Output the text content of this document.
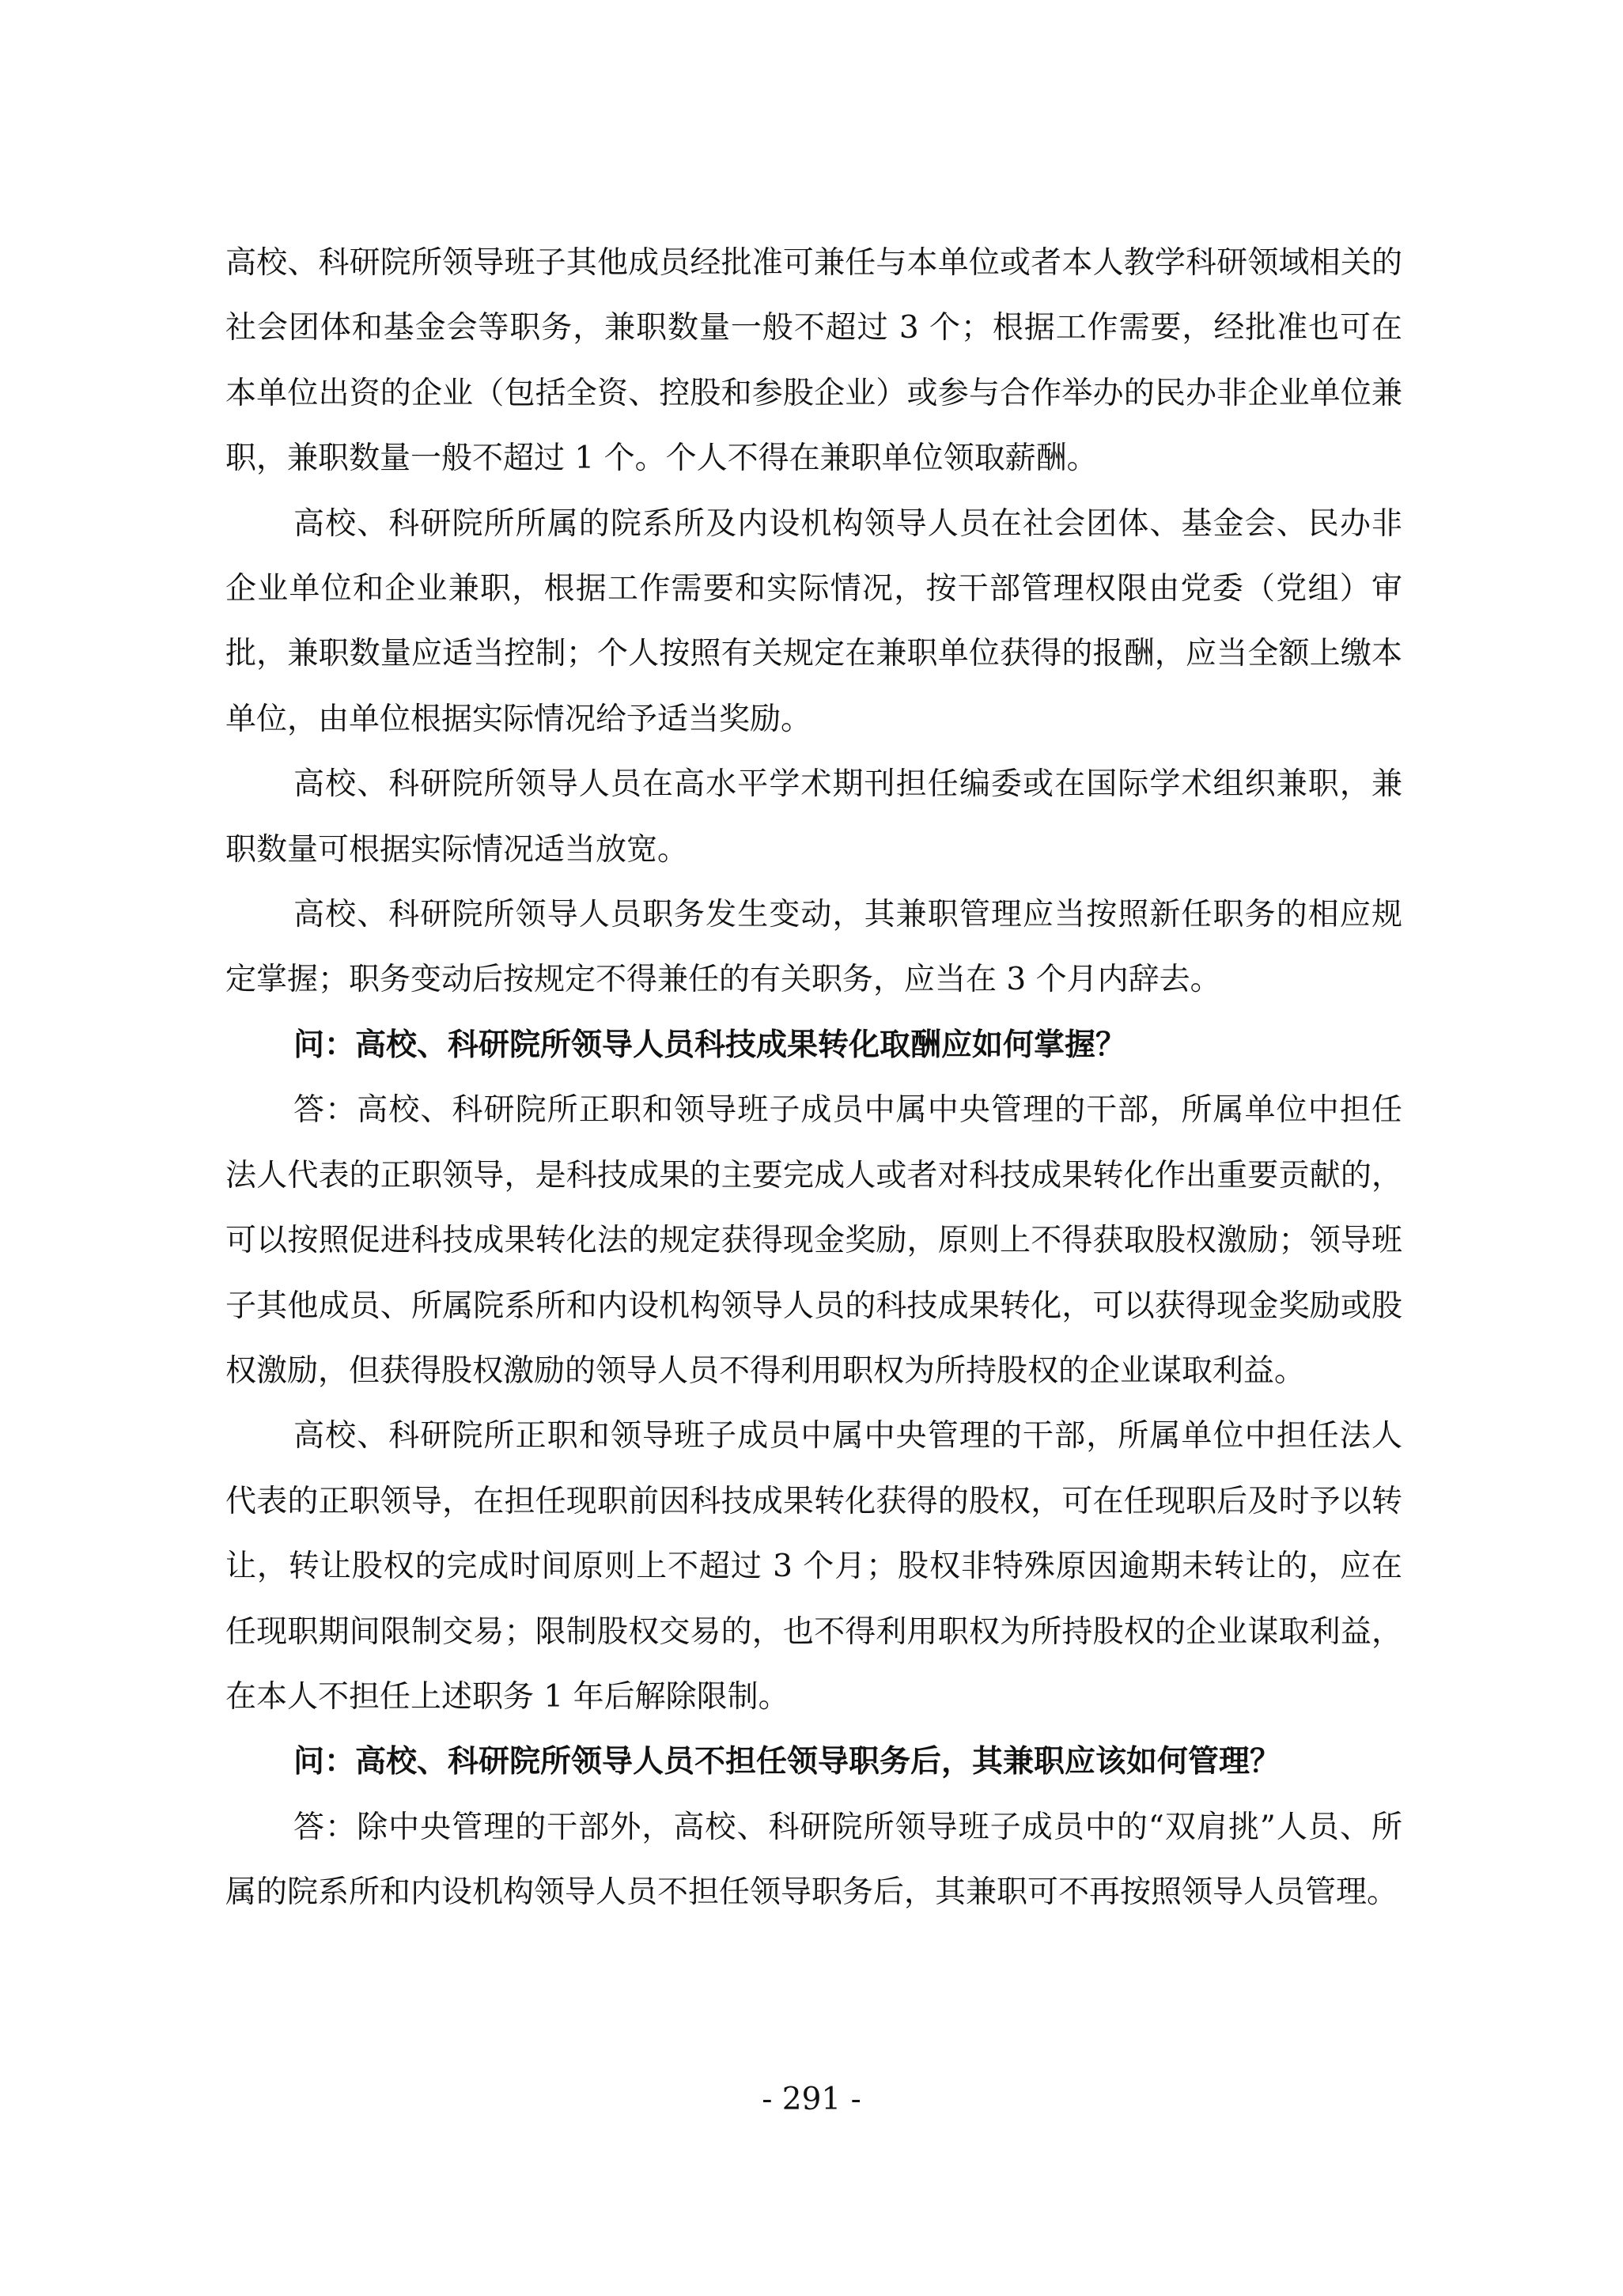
高校、科研院所领导班子其他成员经批准可兼任与本单位或者本人教学科研领域相关的社会团体和基金会等职务，兼职数量一般不超过 3 个；根据工作需要，经批准也可在本单位出资的企业（包括全资、控股和参股企业）或参与合作举办的民办非企业单位兼职，兼职数量一般不超过 1 个。个人不得在兼职单位领取薪酬。

高校、科研院所所属的院系所及内设机构领导人员在社会团体、基金会、民办非企业单位和企业兼职，根据工作需要和实际情况，按干部管理权限由党委（党组）审批，兼职数量应适当控制；个人按照有关规定在兼职单位获得的报酬，应当全额上缴本单位，由单位根据实际情况给予适当奖励。

高校、科研院所领导人员在高水平学术期刊担任编委或在国际学术组织兼职，兼职数量可根据实际情况适当放宽。

高校、科研院所领导人员职务发生变动，其兼职管理应当按照新任职务的相应规定掌握；职务变动后按规定不得兼任的有关职务，应当在 3 个月内辞去。

问：高校、科研院所领导人员科技成果转化取酬应如何掌握？

答：高校、科研院所正职和领导班子成员中属中央管理的干部，所属单位中担任法人代表的正职领导，是科技成果的主要完成人或者对科技成果转化作出重要贡献的，可以按照促进科技成果转化法的规定获得现金奖励，原则上不得获取股权激励；领导班子其他成员、所属院系所和内设机构领导人员的科技成果转化，可以获得现金奖励或股权激励，但获得股权激励的领导人员不得利用职权为所持股权的企业谋取利益。

高校、科研院所正职和领导班子成员中属中央管理的干部，所属单位中担任法人代表的正职领导，在担任现职前因科技成果转化获得的股权，可在任现职后及时予以转让，转让股权的完成时间原则上不超过 3 个月；股权非特殊原因逾期未转让的，应在任现职期间限制交易；限制股权交易的，也不得利用职权为所持股权的企业谋取利益，在本人不担任上述职务 1 年后解除限制。

问：高校、科研院所领导人员不担任领导职务后，其兼职应该如何管理？

答：除中央管理的干部外，高校、科研院所领导班子成员中的“双肩挑”人员、所属的院系所和内设机构领导人员不担任领导职务后，其兼职可不再按照领导人员管理。

- 291 -
